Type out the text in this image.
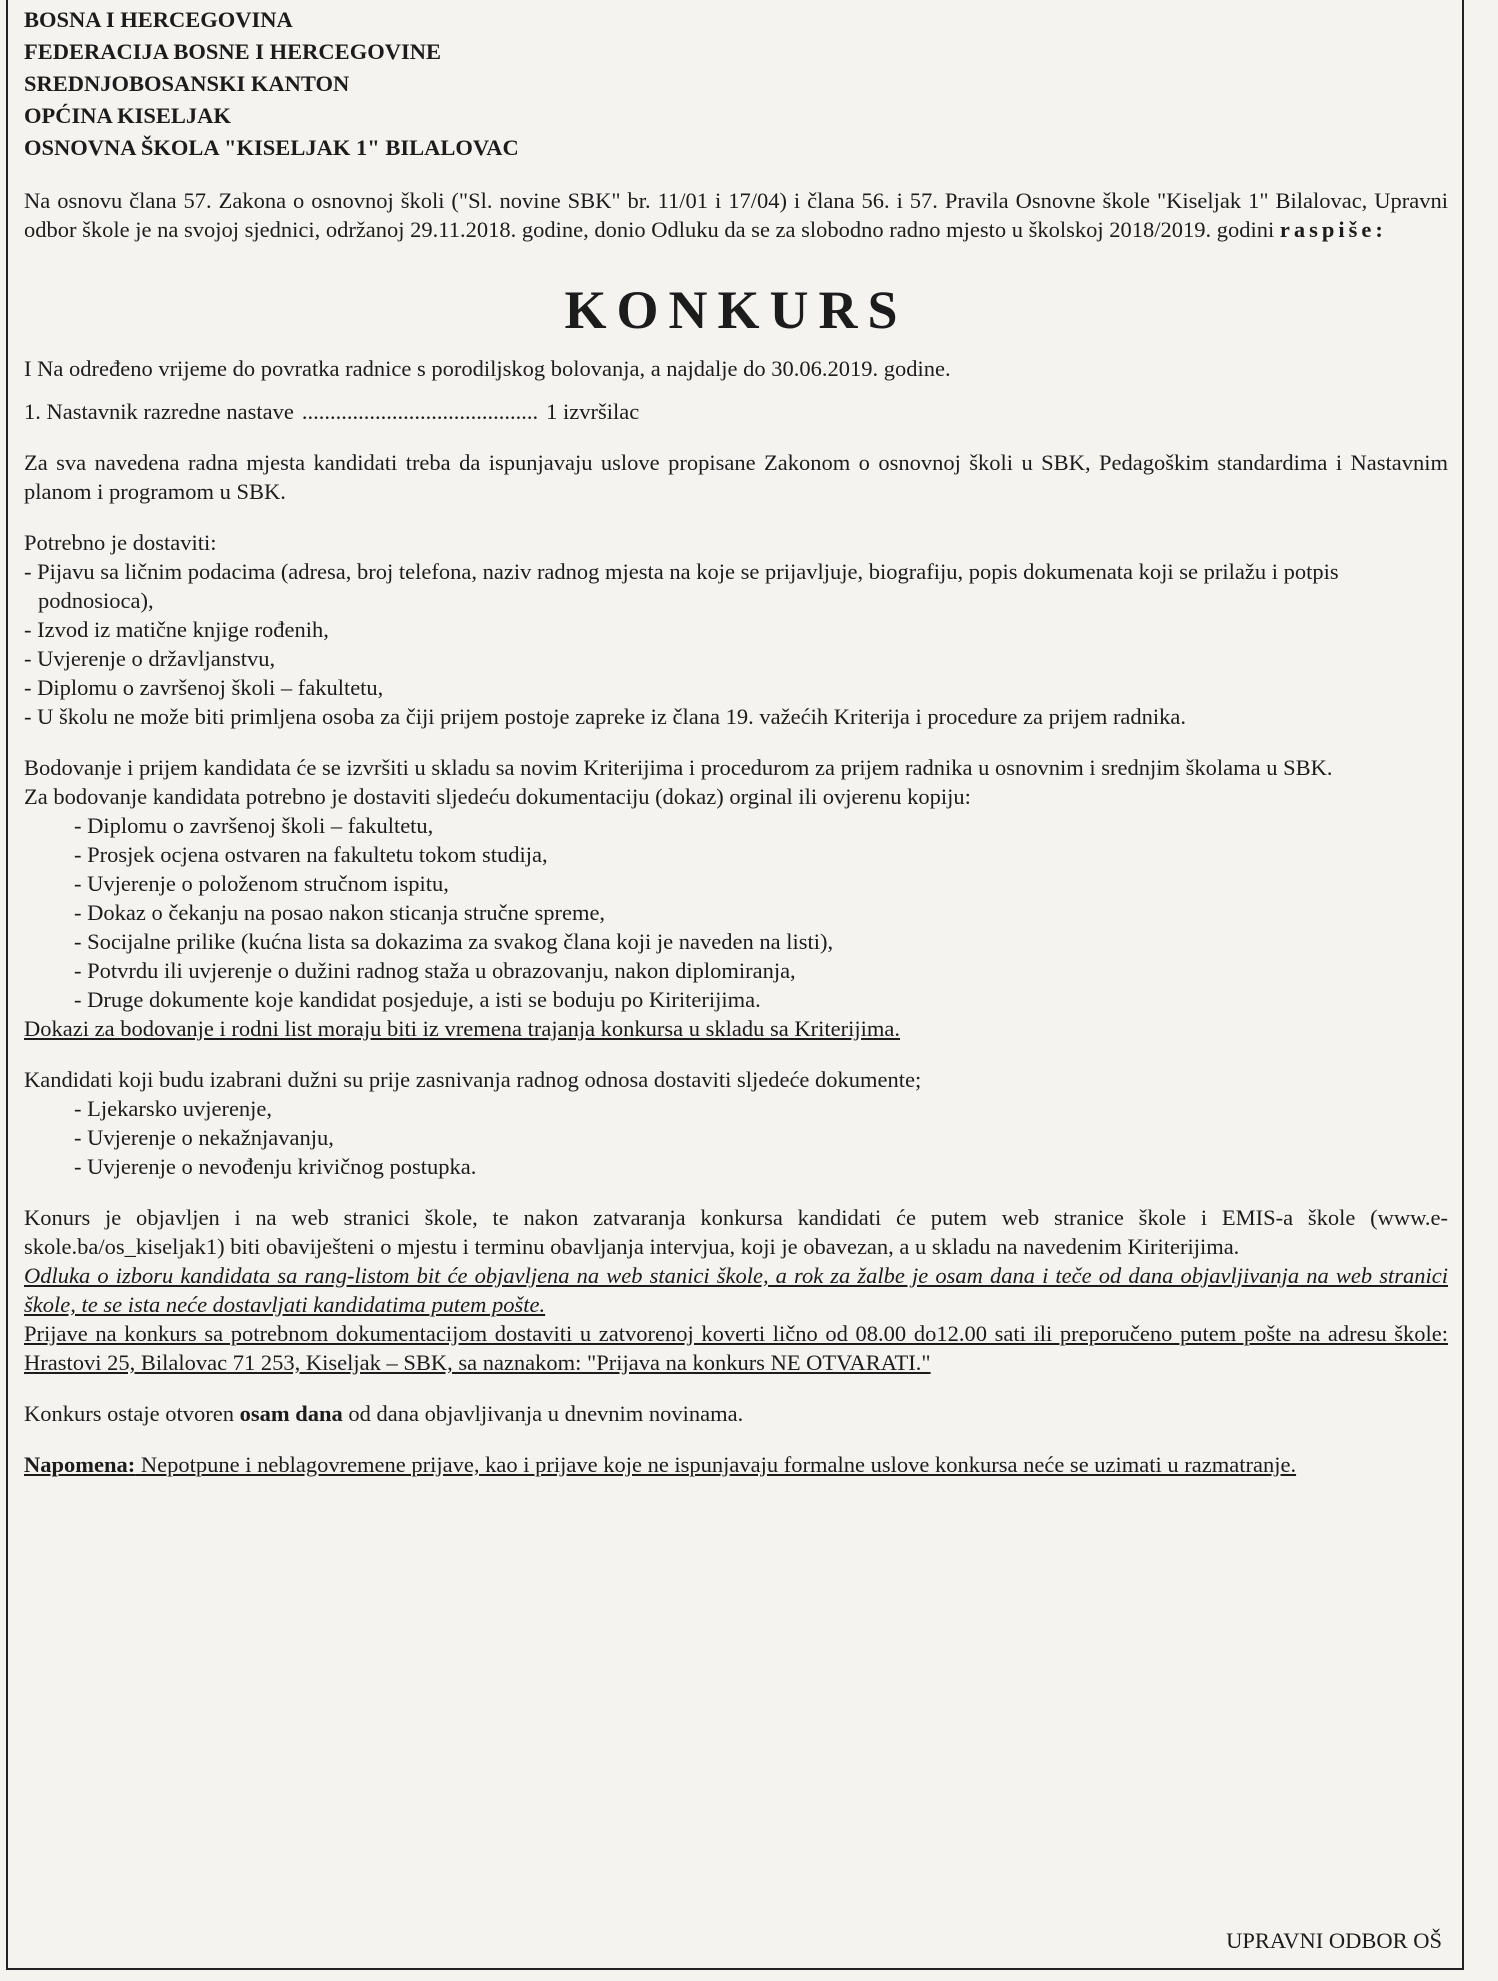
BOSNA I HERCEGOVINA

FEDERACIJA BOSNE I HERCEGOVINE

SREDNJOBOSANSKI KANTON

OPĆINA KISELJAK

OSNOVNA ŠKOLA "KISELJAK 1" BILALOVAC

Na osnovu člana 57. Zakona o osnovnoj školi ("Sl. novine SBK" br. 11/01 i 17/04) i člana 56. i 57. Pravila Osnovne škole "Kiseljak 1" Bilalovac, Upravni odbor škole je na svojoj sjednici, održanoj 29.11.2018. godine, donio Odluku da se za slobodno radno mjesto u školskoj 2018/2019. godini raspiše:

KONKURS

I Na određeno vrijeme do povratka radnice s porodiljskog bolovanja, a najdalje do 30.06.2019. godine.

1. Nastavnik razredne nastave .......................................... 1 izvršilac

Za sva navedena radna mjesta kandidati treba da ispunjavaju uslove propisane Zakonom o osnovnoj školi u SBK, Pedagoškim standardima i Nastavnim planom i programom u SBK.

Potrebno je dostaviti:

- Pijavu sa ličnim podacima (adresa, broj telefona, naziv radnog mjesta na koje se prijavljuje, biografiju, popis dokumenata koji se prilažu i potpis podnosioca),
- Izvod iz matične knjige rođenih,
- Uvjerenje o državljanstvu,
- Diplomu o završenoj školi – fakultetu,
- U školu ne može biti primljena osoba za čiji prijem postoje zapreke iz člana 19. važećih Kriterija i procedure za prijem radnika.

Bodovanje i prijem kandidata će se izvršiti u skladu sa novim Kriterijima i procedurom za prijem radnika u osnovnim i srednjim školama u SBK.

Za bodovanje kandidata potrebno je dostaviti sljedeću dokumentaciju (dokaz) orginal ili ovjerenu kopiju:

- Diplomu o završenoj školi – fakultetu,
- Prosjek ocjena ostvaren na fakultetu tokom studija,
- Uvjerenje o položenom stručnom ispitu,
- Dokaz o čekanju na posao nakon sticanja stručne spreme,
- Socijalne prilike (kućna lista sa dokazima za svakog člana koji je naveden na listi),
- Potvrdu ili uvjerenje o dužini radnog staža u obrazovanju, nakon diplomiranja,
- Druge dokumente koje kandidat posjeduje, a isti se boduju po Kiriterijima.

Dokazi za bodovanje i rodni list moraju biti iz vremena trajanja konkursa u skladu sa Kriterijima.

Kandidati koji budu izabrani dužni su prije zasnivanja radnog odnosa dostaviti sljedeće dokumente;

- Ljekarsko uvjerenje,
- Uvjerenje o nekažnjavanju,
- Uvjerenje o nevođenju krivičnog postupka.

Konurs je objavljen i na web stranici škole, te nakon zatvaranja konkursa kandidati će putem web stranice škole i EMIS-a škole (www.e-skole.ba/os_kiseljak1) biti obaviješteni o mjestu i terminu obavljanja intervjua, koji je obavezan, a u skladu na navedenim Kiriterijima.

Odluka o izboru kandidata sa rang-listom bit će objavljena na web stanici škole, a rok za žalbe je osam dana i teče od dana objavljivanja na web stranici škole, te se ista neće dostavljati kandidatima putem pošte.

Prijave na konkurs sa potrebnom dokumentacijom dostaviti u zatvorenoj koverti lično od 08.00 do12.00 sati ili preporučeno putem pošte na adresu škole: Hrastovi 25, Bilalovac 71 253, Kiseljak – SBK, sa naznakom: "Prijava na konkurs NE OTVARATI."

Konkurs ostaje otvoren osam dana od dana objavljivanja u dnevnim novinama.

Napomena: Nepotpune i neblagovremene prijave, kao i prijave koje ne ispunjavaju formalne uslove konkursa neće se uzimati u razmatranje.

UPRAVNI ODBOR OŠ
